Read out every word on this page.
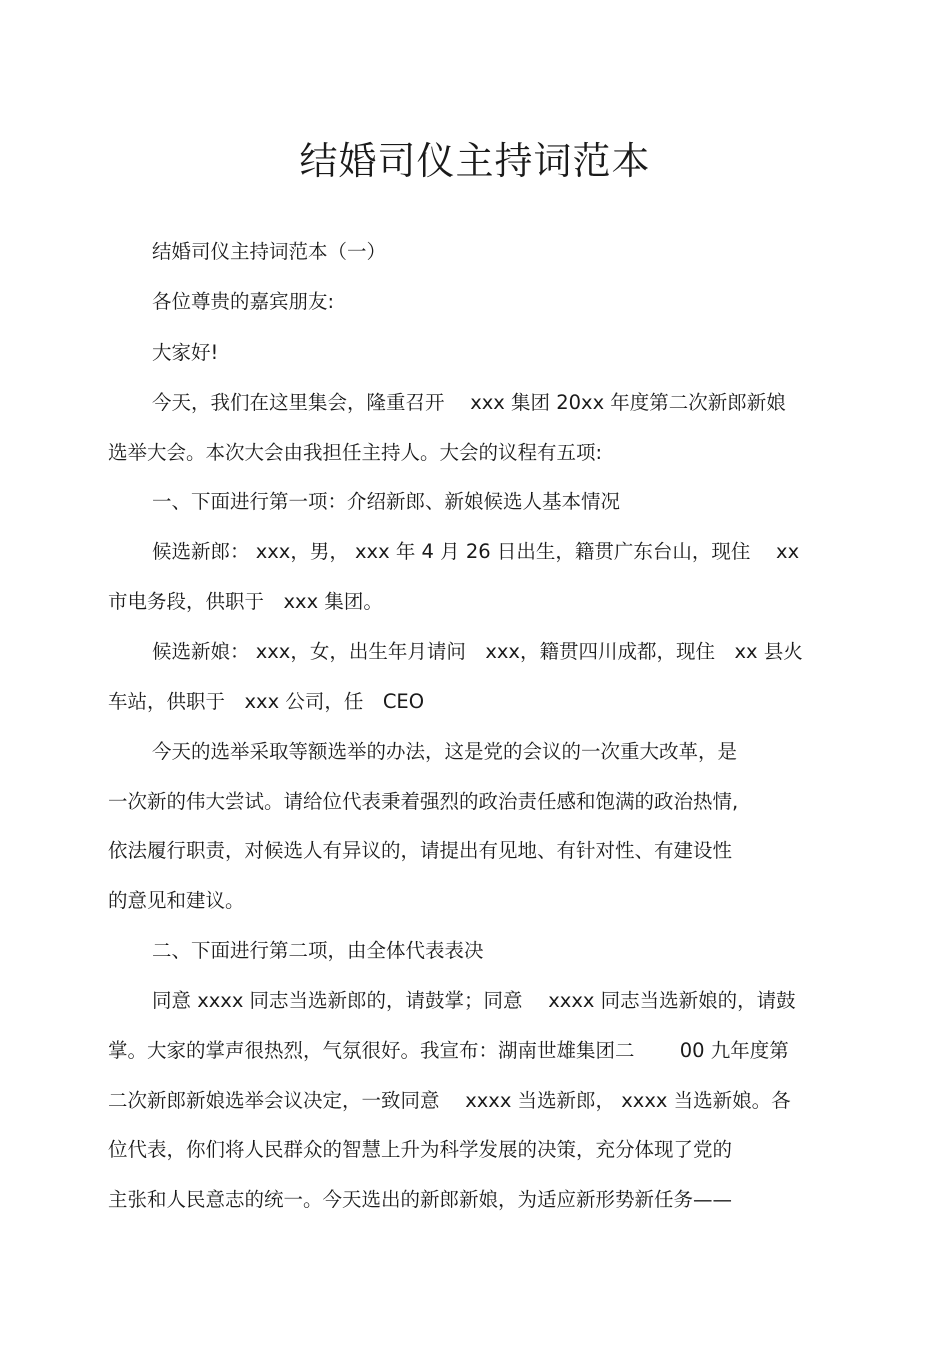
结婚司仪主持词范本
结婚司仪主持词范本（一）
各位尊贵的嘉宾朋友:
大家好!
今天，我们在这里集会，隆重召开　 xxx 集团 20xx 年度第二次新郎新娘
选举大会。本次大会由我担任主持人。大会的议程有五项:
一、下面进行第一项：介绍新郎、新娘候选人基本情况
候选新郎： xxx，男， xxx 年 4 月 26 日出生，籍贯广东台山，现住　 xx
市电务段，供职于　xxx 集团。
候选新娘： xxx，女，出生年月请问　xxx，籍贯四川成都，现住　xx 县火
车站，供职于　xxx 公司，任　CEO
今天的选举采取等额选举的办法，这是党的会议的一次重大改革，是
一次新的伟大尝试。请给位代表秉着强烈的政治责任感和饱满的政治热情,
依法履行职责，对候选人有异议的，请提出有见地、有针对性、有建设性
的意见和建议。
二、下面进行第二项，由全体代表表决
同意 xxxx 同志当选新郎的，请鼓掌；同意　 xxxx 同志当选新娘的，请鼓
掌。大家的掌声很热烈，气氛很好。我宣布：湖南世雄集团二　　 00 九年度第
二次新郎新娘选举会议决定，一致同意　 xxxx 当选新郎， xxxx 当选新娘。各
位代表，你们将人民群众的智慧上升为科学发展的决策，充分体现了党的
主张和人民意志的统一。今天选出的新郎新娘，为适应新形势新任务——
